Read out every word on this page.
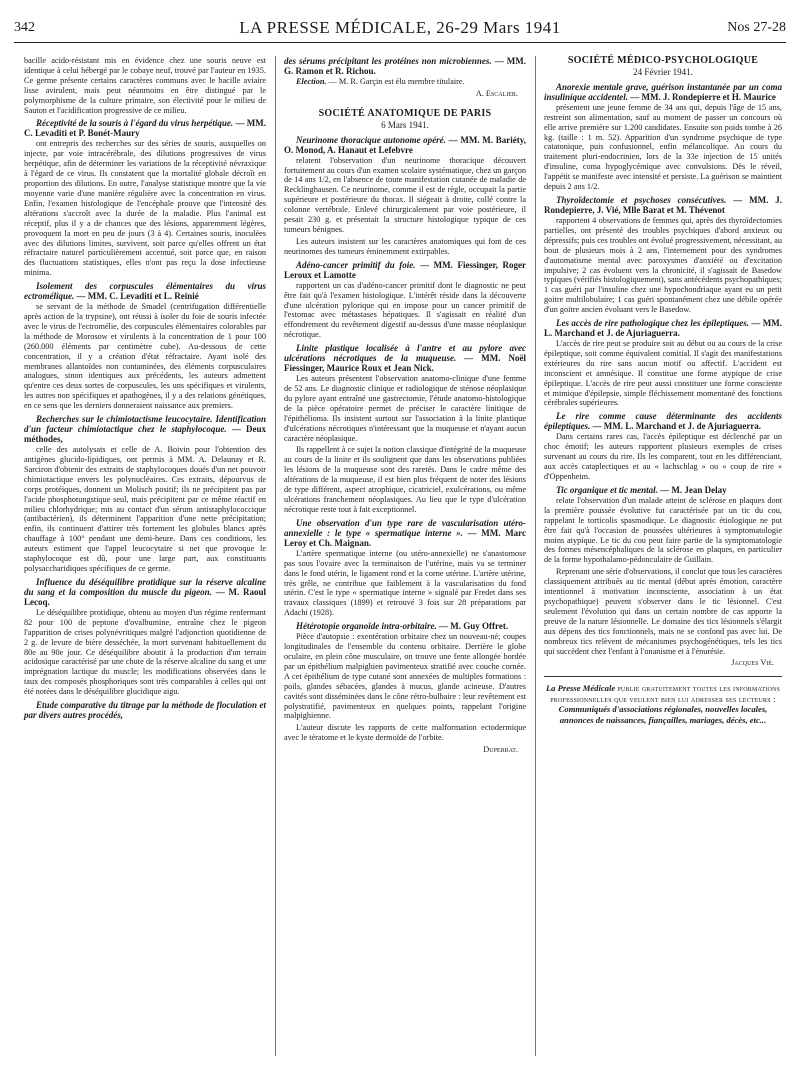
342	LA PRESSE MÉDICALE, 26-29 Mars 1941	Nos 27-28

bacille acido-résistant mis en évidence chez une souris neuve est identique à celui hébergé par le cobaye neuf, trouvé par l'auteur en 1935. Ce germe présente certains caractères communs avec le bacille aviaire lisse avirulent, mais peut néanmoins en être distingué par le polymorphisme de la culture primaire, son électivité pour le milieu de Sauton et l'acidification progressive de ce milieu.

Réceptivité de la souris à l'égard du virus herpétique. — MM. C. Levaditi et P. Bonét-Maury

ont entrepris des recherches sur des séries de souris, auxquelles on injecte, par voie intracérébrale, des dilutions progressives de virus herpétique, afin de déterminer les variations de la réceptivité névraxique à l'égard de ce virus. Ils constatent que la mortalité globale décroît en proportion des dilutions. En outre, l'analyse statistique montre que la vie moyenne varie d'une manière régulière avec la concentration en virus. Enfin, l'examen histologique de l'encéphale prouve que l'intensité des altérations s'accroît avec la durée de la maladie. Plus l'animal est réceptif, plus il y a de chances que des lésions, apparemment légères, provoquent la mort en peu de jours (3 à 4). Certaines souris, inoculées avec des dilutions limites, survivent, soit parce qu'elles offrent un état réfractaire naturel particulièrement accentué, soit parce que, en raison des fluctuations statistiques, elles n'ont pas reçu la dose infectieuse minima.

Isolement des corpuscules élémentaires du virus ectromélique. — MM. C. Levaditi et L. Reinié

se servant de la méthode de Smadel (centrifugation différentielle après action de la trypsine), ont réussi à isoler du foie de souris infectée avec le virus de l'ectromélie, des corpuscules élémentaires colorables par la méthode de Morosow et virulents à la concentration de 1 pour 100 (260.000 éléments par centimètre cube). Au-dessous de cette concentration, il y a création d'état réfractaire. Ayant isolé des membranes allantoïdes non contaminées, des éléments corpusculaires analogues, sinon identiques aux précédents, les auteurs admettent qu'entre ces deux sortes de corpuscules, les uns spécifiques et virulents, les autres non spécifiques et apathogènes, il y a des relations génétiques, en ce sens que les derniers donneraient naissance aux premiers.

Recherches sur le chimiotactisme leucocytaire. Identification d'un facteur chimiotactique chez le staphylocoque. — Deux méthodes,

celle des autolysats et celle de A. Boivin pour l'obtention des antigènes glucido-lipidiques, ont permis à MM. A. Delaunay et R. Sarciron d'obtenir des extraits de staphylocoques doués d'un net pouvoir chimiotactique envers les polynucléaires. Ces extraits, dépourvus de corps protéiques, donnent un Molisch positif; ils ne précipitent pas par l'acide phosphotungstique seul, mais précipitent par ce même réactif en milieu chlorhydrique; mis au contact d'un sérum antistaphylococcique (antibactérien), ils déterminent l'apparition d'une nette précipitation; enfin, ils continuent d'attirer très fortement les globules blancs après chauffage à 100° pendant une demi-heure. Dans ces conditions, les auteurs estiment que l'appel leucocytaire si net que provoque le staphylocoque est dû, pour une large part, aux constituants polysaccharidiques spécifiques de ce germe.

Influence du déséquilibre protidique sur la réserve alcaline du sang et la composition du muscle du pigeon. — M. Raoul Lecoq.

Le déséquilibre protidique, obtenu au moyen d'un régime renfermant 82 pour 100 de peptone d'ovalbumine, entraîne chez le pigeon l'apparition de crises polynévritiques malgré l'adjonction quotidienne de 2 g. de levure de bière desséchée, la mort survenant habituellement du 80e au 90e jour. Ce déséquilibre aboutit à la production d'un terrain acidosique caractérisé par une chute de la réserve alcaline du sang et une imprégnation lactique du muscle; les modifications observées dans le taux des composés phosphoriques sont très comparables à celles qui ont été notées dans le déséquilibre glucidique aigu.

Etude comparative du titrage par la méthode de floculation et par divers autres procédés,
des sérums précipitant les protéines non microbiennes. — MM. G. Ramon et R. Richou.

Election. — M. R. Garçin est élu membre titulaire.

A. Escalier.
SOCIÉTÉ ANATOMIQUE DE PARIS
6 Mars 1941.
Neurinome thoracique autonome opéré. — MM. M. Bariéty, O. Monod, A. Hanaut et Lefebvre

relatent l'observation d'un neurinome thoracique découvert fortuitement au cours d'un examen scolaire systématique, chez un garçon de 14 ans 1/2, en l'absence de toute manifestation cutanée de maladie de Recklinghausen. Ce neurinome, comme il est de règle, occupait la partie supérieure et postérieure du thorax. Il siégeait à droite, collé contre la colonne vertébrale. Enlevé chirurgicalement par voie postérieure, il pesait 230 g. et présentait la structure histologique typique de ces tumeurs bénignes.

Les auteurs insistent sur les caractères anatomiques qui font de ces neurinomes des tumeurs éminemment extirpables.

Adéno-cancer primitif du foie. — MM. Fiessinger, Roger Leroux et Lamotte

rapportent un cas d'adéno-cancer primitif dont le diagnostic ne peut être fait qu'à l'examen histologique. L'intérêt réside dans la découverte d'une ulcération pylorique qui en impose pour un cancer primitif de l'estomac avec métastases hépatiques. Il s'agissait en réalité d'un effondrement du revêtement digestif au-dessus d'une masse néoplasique nécrotique.

Linite plastique localisée à l'antre et au pylore avec ulcérations nécrotiques de la muqueuse. — MM. Noël Fiessinger, Maurice Roux et Jean Nick.

Les auteurs présentent l'observation anatomo-clinique d'une femme de 52 ans. Le diagnostic clinique et radiologique de sténose néoplasique du pylore ayant entraîné une gastrectomie, l'étude anatomo-histologique de la pièce opératoire permet de préciser le caractère linitique de l'épithélioma. Ils insistent surtout sur l'association à la linite plastique d'ulcérations nécrotiques n'intéressant que la muqueuse et n'ayant aucun caractère néoplasique.

Ils rappellent à ce sujet la notion classique d'intégrité de la muqueuse au cours de la linite et ils soulignent que dans les observations publiées les lésions de la muqueuse sont des raretés. Dans le cadre même des altérations de la muqueuse, il est bien plus fréquent de noter des lésions de type différent, aspect atrophique, cicatriciel, exulcérations, ou même ulcérations franchement néoplasiques. Au lieu que le type d'ulcération nécrotique reste tout à fait exceptionnel.

Une observation d'un type rare de vascularisation utéro-annexielle : le type « spermatique interne ». — MM. Marc Leroy et Ch. Maignan.

L'artère spermatique interne (ou utéro-annexielle) ne s'anastomose pas sous l'ovaire avec la terminaison de l'utérine, mais va se terminer dans le fond utérin, le ligament rond et la corne utérine. L'artère utérine, très grêle, ne contribue que faiblement à la vascularisation du fond utérin. C'est le type « spermatique interne » signalé par Fredet dans ses travaux classiques (1899) et retrouvé 3 fois sur 28 préparations par Adachi (1928).

Hétérotopie organoïde intra-orbitaire. — M. Guy Offret.

Pièce d'autopsie : exentération orbitaire chez un nouveau-né; coupes longitudinales de l'ensemble du contenu orbitaire. Derrière le globe oculaire, en plein cône musculaire, on trouve une fente allongée bordée par un épithélium malpighien pavimenteux stratifié avec couche cornée. A cet épithélium de type cutané sont annexées de multiples formations : poils, glandes sébacées, glandes à mucus, glande acineuse. D'autres cavités sont disséminées dans le cône rétro-bulbaire : leur revêtement est polystratifié, pavimenteux en quelques points, rappelant l'origine malpighienne.

L'auteur discute les rapports de cette malformation ectodermique avec le tératome et le kyste dermoïde de l'orbite.

Duperrat.
SOCIÉTÉ MÉDICO-PSYCHOLOGIQUE
24 Février 1941.
Anorexie mentale grave, guérison instantanée par un coma insulinique accidentel. — MM. J. Rondepierre et H. Maurice

présentent une jeune femme de 34 ans qui, depuis l'âge de 15 ans, restreint son alimentation, sauf au moment de passer un concours où elle arrive première sur 1.200 candidates. Ensuite son poids tombe à 26 kg. (taille : 1 m. 52). Apparition d'un syndrome psychique de type catatonique, puis confusionnel, enfin mélancolique. Au cours du traitement pluri-endocrinien, lors de la 33e injection de 15 unités d'insuline, coma hypoglycémique avec convulsions. Dès le réveil, l'appétit se manifeste avec intensité et persiste. La guérison se maintient depuis 2 ans 1/2.

Thyroïdectomie et psychoses consécutives. — MM. J. Rondepierre, J. Vié, Mlle Barat et M. Thévenot

rapportent 4 observations de femmes qui, après des thyroïdectomies partielles, ont présenté des troubles psychiques d'abord anxieux ou dépressifs; puis ces troubles ont évolué progressivement, nécessitant, au bout de plusieurs mois à 2 ans, l'internement pour des syndromes d'automatisme mental avec paroxysmes d'anxiété ou d'excitation impulsive; 2 cas évoluent vers la chronicité, il s'agissait de Basedow typiques (vérifiés histologiquement), sans antécédents psychopathiques; 1 cas guéri par l'insuline chez une hypochondriaque ayant eu un petit goitre multilobulaire; 1 cas guéri spontanément chez une débile opérée d'un goitre ancien évoluant vers le Basedow.

Les accès de rire pathologique chez les épileptiques. — MM. L. Marchand et J. de Ajuriaguerra.

L'accès de rire peut se produire soit au début ou au cours de la crise épileptique, soit comme équivalent comitial. Il s'agit des manifestations extérieures du rire sans aucun motif ou affectif. L'accident est inconscient et amnésique. Il constitue une forme atypique de crise épileptique. L'accès de rire peut aussi constituer une forme consciente et mimique d'épilepsie, simple fléchissement momentané des fonctions cérébrales supérieures.

Le rire comme cause déterminante des accidents épileptiques. — MM. L. Marchand et J. de Ajuriaguerra.

Dans certains rares cas, l'accès épileptique est déclenché par un choc émotif; les auteurs rapportent plusieurs exemples de crises survenant au cours du rire. Ils les comparent, tout en les différenciant, aux accès cataplectiques et au « lachschlag » ou « coup de rire » d'Oppenheim.

Tic organique et tic mental. — M. Jean Delay

relate l'observation d'un malade atteint de sclérose en plaques dont la première poussée évolutive fut caractérisée par un tic du cou, rappelant le torticolis spasmodique. Le diagnostic étiologique ne put être fait qu'à l'occasion de poussées ultérieures à symptomatologie moins atypique. Le tic du cou peut faire partie de la symptomatologie des formes mésencéphaliques de la sclérose en plaques, en particulier de la forme hypothalamo-pédonculaire de Guillain.

Reprenant une série d'observations, il conclut que tous les caractères classiquement attribués au tic mental (début après émotion, caractère intentionnel à motivation inconsciente, association à un état psychopathique) peuvent s'observer dans le tic lésionnel. C'est seulement l'évolution qui dans un certain nombre de cas apporte la preuve de la nature lésionnelle. Le domaine des tics lésionnels s'élargit aux dépens des tics fonctionnels, mais ne se confond pas avec lui. De nombreux tics relèvent de mécanismes psychogénétiques, tels les tics qui succèdent chez l'enfant à l'onanisme et à l'énurésie.

Jacques Vié.
La Presse Médicale publie gratuitement toutes les informations professionnelles que veulent bien lui adresser ses lecteurs : Communiqués d'associations régionales, nouvelles locales, annonces de naissances, fiançailles, mariages, décès, etc...
